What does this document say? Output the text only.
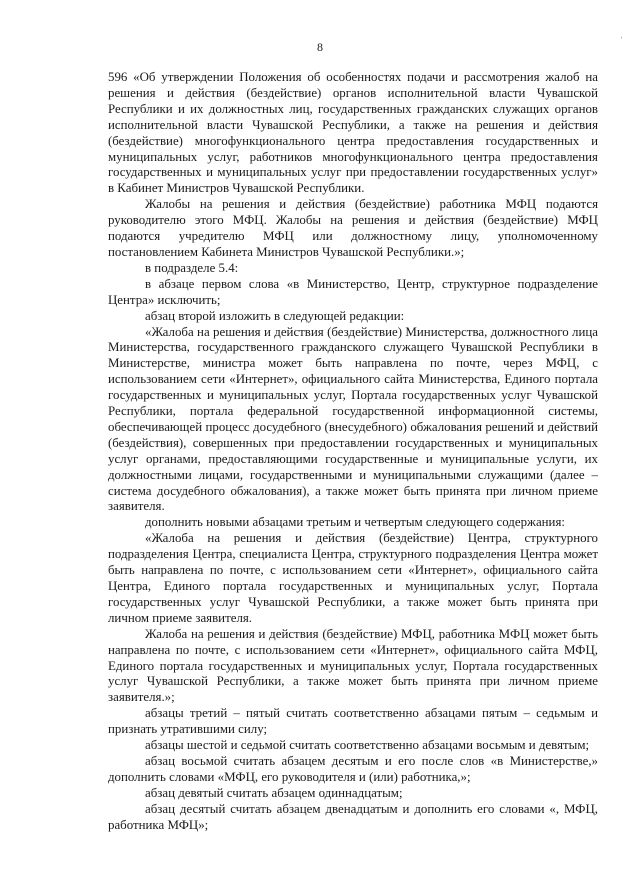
ˌ
8

596 «Об утверждении Положения об особенностях подачи и рассмотрения жалоб на решения и действия (бездействие) органов исполнительной власти Чувашской Республики и их должностных лиц, государственных гражданских служащих органов исполнительной власти Чувашской Республики, а также на решения и действия (бездействие) многофункционального центра предоставления государственных и муниципальных услуг, работников многофункционального центра предоставления государственных и муниципальных услуг при предоставлении государственных услуг» в Кабинет Министров Чувашской Республики.

Жалобы на решения и действия (бездействие) работника МФЦ подаются руководителю этого МФЦ. Жалобы на решения и действия (бездействие) МФЦ подаются учредителю МФЦ или должностному лицу, уполномоченному постановлением Кабинета Министров Чувашской Республики.»;

в подразделе 5.4:

в абзаце первом слова «в Министерство, Центр, структурное подразделение Центра» исключить;

абзац второй изложить в следующей редакции:

«Жалоба на решения и действия (бездействие) Министерства, должностного лица Министерства, государственного гражданского служащего Чувашской Республики в Министерстве, министра может быть направлена по почте, через МФЦ, с использованием сети «Интернет», официального сайта Министерства, Единого портала государственных и муниципальных услуг, Портала государственных услуг Чувашской Республики, портала федеральной государственной информационной системы, обеспечивающей процесс досудебного (внесудебного) обжалования решений и действий (бездействия), совершенных при предоставлении государственных и муниципальных услуг органами, предоставляющими государственные и муниципальные услуги, их должностными лицами, государственными и муниципальными служащими (далее – система досудебного обжалования), а также может быть принята при личном приеме заявителя.

дополнить новыми абзацами третьим и четвертым следующего содержания:

«Жалоба на решения и действия (бездействие) Центра, структурного подразделения Центра, специалиста Центра, структурного подразделения Центра может быть направлена по почте, с использованием сети «Интернет», официального сайта Центра, Единого портала государственных и муниципальных услуг, Портала государственных услуг Чувашской Республики, а также может быть принята при личном приеме заявителя.

Жалоба на решения и действия (бездействие) МФЦ, работника МФЦ может быть направлена по почте, с использованием сети «Интернет», официального сайта МФЦ, Единого портала государственных и муниципальных услуг, Портала государственных услуг Чувашской Республики, а также может быть принята при личном приеме заявителя.»;

абзацы третий – пятый считать соответственно абзацами пятым – седьмым и признать утратившими силу;

абзацы шестой и седьмой считать соответственно абзацами восьмым и девятым;

абзац восьмой считать абзацем десятым и его после слов «в Министерстве,» дополнить словами «МФЦ, его руководителя и (или) работника,»;

абзац девятый считать абзацем одиннадцатым;

абзац десятый считать абзацем двенадцатым и дополнить его словами «, МФЦ, работника МФЦ»;
